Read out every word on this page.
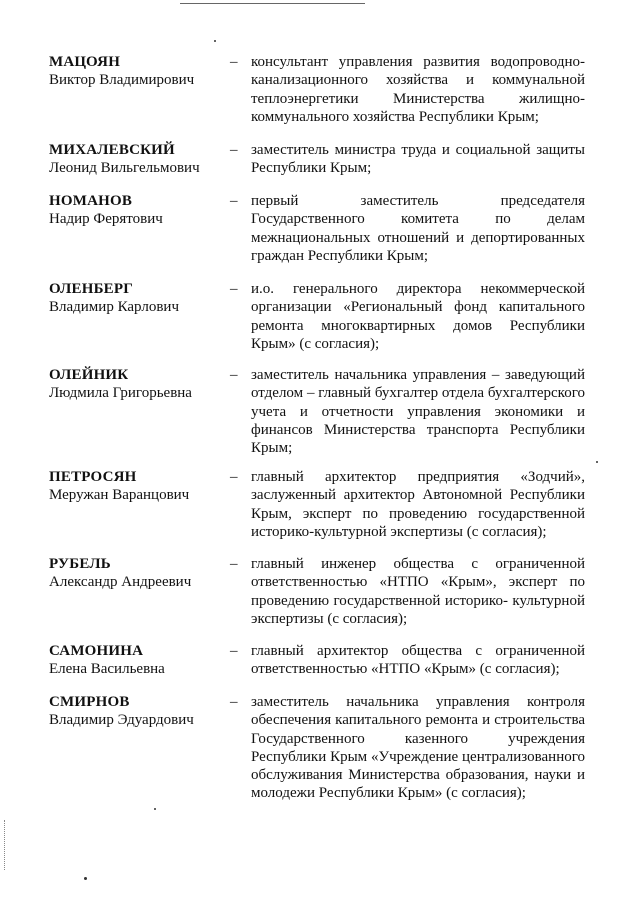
МАЦОЯН
Виктор Владимирович
– консультант управления развития водопроводно-канализационного хозяйства и коммунальной теплоэнергетики Министерства жилищно-коммунального хозяйства Республики Крым;
МИХАЛЕВСКИЙ
Леонид Вильгельмович
– заместитель министра труда и социальной защиты Республики Крым;
НОМАНОВ
Надир Ферятович
– первый заместитель председателя Государственного комитета по делам межнациональных отношений и депортированных граждан Республики Крым;
ОЛЕНБЕРГ
Владимир Карлович
– и.о. генерального директора некоммерческой организации «Региональный фонд капитального ремонта многоквартирных домов Республики Крым» (с согласия);
ОЛЕЙНИК
Людмила Григорьевна
– заместитель начальника управления – заведующий отделом – главный бухгалтер отдела бухгалтерского учета и отчетности управления экономики и финансов Министерства транспорта Республики Крым;
ПЕТРОСЯН
Меружан Варанцович
– главный архитектор предприятия «Зодчий», заслуженный архитектор Автономной Республики Крым, эксперт по проведению государственной историко-культурной экспертизы (с согласия);
РУБЕЛЬ
Александр Андреевич
– главный инженер общества с ограниченной ответственностью «НТПО «Крым», эксперт по проведению государственной историко- культурной экспертизы (с согласия);
САМОНИНА
Елена Васильевна
– главный архитектор общества с ограниченной ответственностью «НТПО «Крым» (с согласия);
СМИРНОВ
Владимир Эдуардович
– заместитель начальника управления контроля обеспечения капитального ремонта и строительства Государственного казенного учреждения Республики Крым «Учреждение централизованного обслуживания Министерства образования, науки и молодежи Республики Крым» (с согласия);
